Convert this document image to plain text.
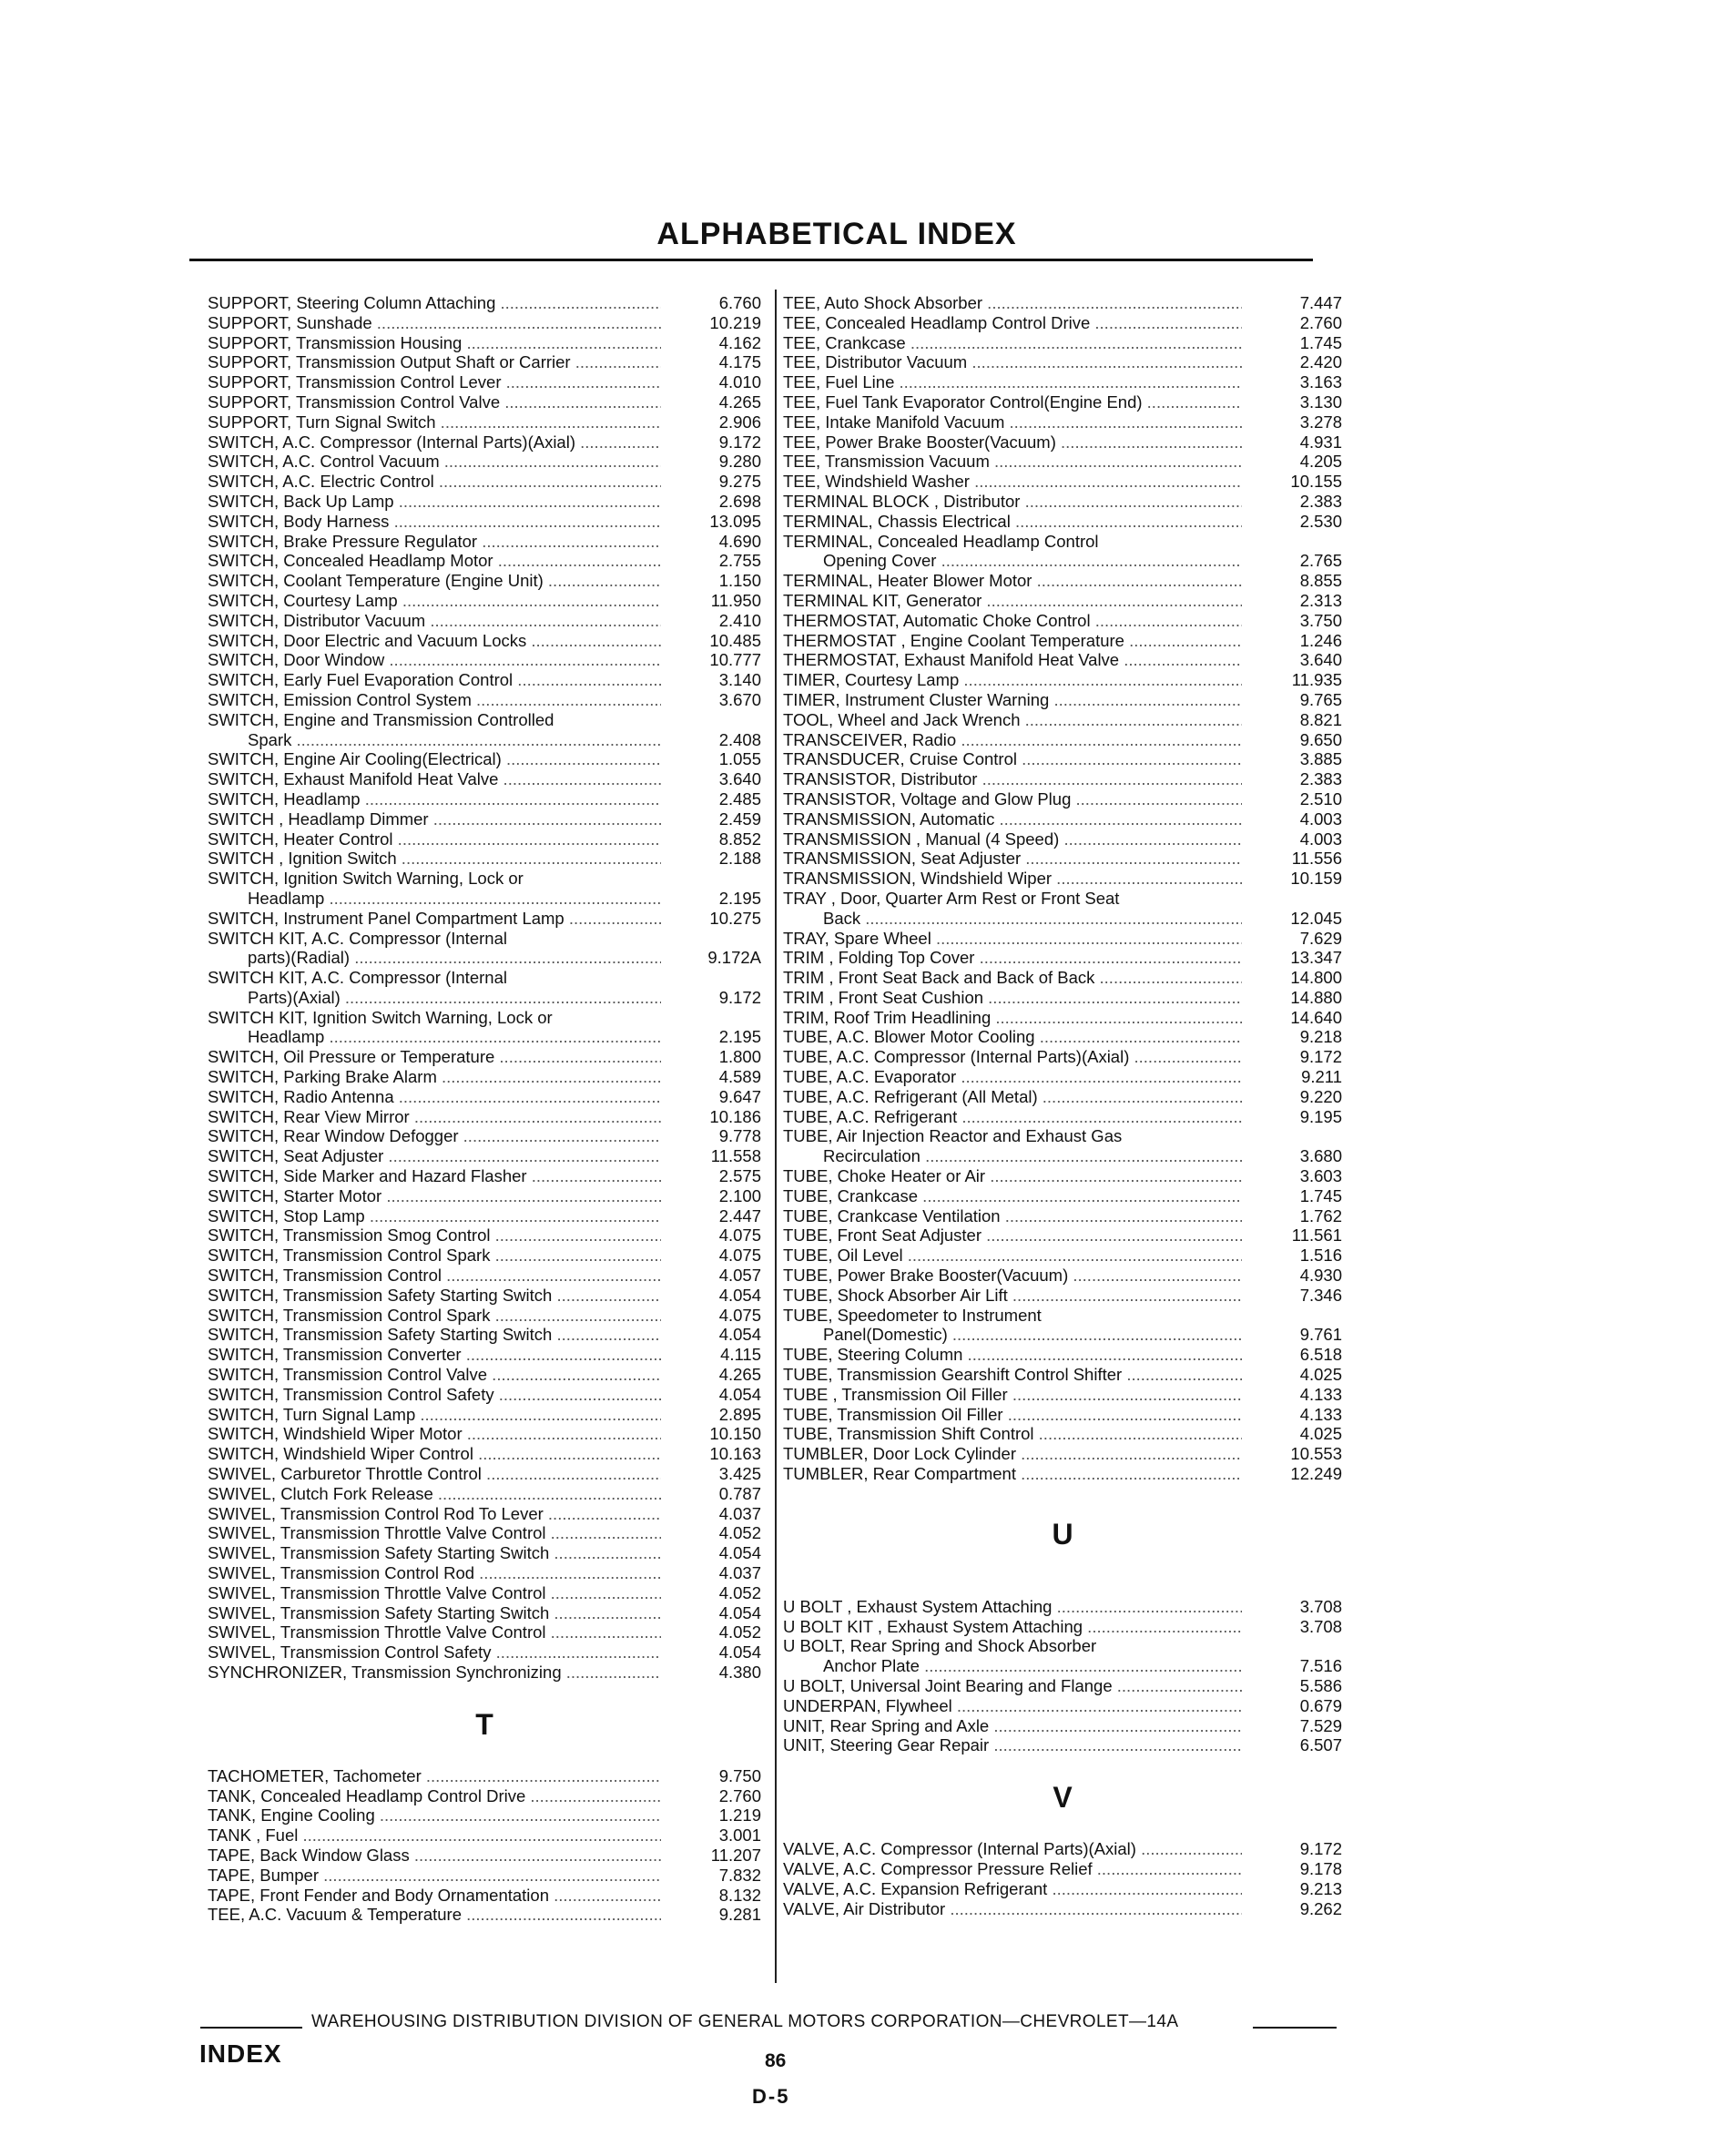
ALPHABETICAL INDEX
SUPPORT, Steering Column Attaching .....	6.760
SUPPORT, Sunshade .....	10.219
SUPPORT, Transmission Housing .....	4.162
SUPPORT, Transmission Output Shaft or Carrier .....	4.175
SUPPORT, Transmission Control Lever .....	4.010
SUPPORT, Transmission Control Valve .....	4.265
SUPPORT, Turn Signal Switch .....	2.906
SWITCH, A.C. Compressor (Internal Parts)(Axial) .....	9.172
SWITCH, A.C. Control Vacuum .....	9.280
SWITCH, A.C. Electric Control .....	9.275
SWITCH, Back Up Lamp .....	2.698
SWITCH, Body Harness .....	13.095
SWITCH, Brake Pressure Regulator .....	4.690
SWITCH, Concealed Headlamp Motor .....	2.755
SWITCH, Coolant Temperature (Engine Unit) .....	1.150
SWITCH, Courtesy Lamp .....	11.950
SWITCH, Distributor Vacuum .....	2.410
SWITCH, Door Electric and Vacuum Locks .....	10.485
SWITCH, Door Window .....	10.777
SWITCH, Early Fuel Evaporation Control .....	3.140
SWITCH, Emission Control System .....	3.670
SWITCH, Engine and Transmission Controlled
Spark .....	2.408
SWITCH, Engine Air Cooling(Electrical) .....	1.055
SWITCH, Exhaust Manifold Heat Valve .....	3.640
SWITCH, Headlamp .....	2.485
SWITCH , Headlamp Dimmer .....	2.459
SWITCH, Heater Control .....	8.852
SWITCH , Ignition Switch .....	2.188
SWITCH, Ignition Switch Warning, Lock or
Headlamp .....	2.195
SWITCH, Instrument Panel Compartment Lamp .....	10.275
SWITCH KIT, A.C. Compressor (Internal
parts)(Radial) .....	9.172A
SWITCH KIT, A.C. Compressor (Internal
Parts)(Axial) .....	9.172
SWITCH KIT, Ignition Switch Warning, Lock or
Headlamp .....	2.195
SWITCH, Oil Pressure or Temperature .....	1.800
SWITCH, Parking Brake Alarm .....	4.589
SWITCH, Radio Antenna .....	9.647
SWITCH, Rear View Mirror .....	10.186
SWITCH, Rear Window Defogger .....	9.778
SWITCH, Seat Adjuster .....	11.558
SWITCH, Side Marker and Hazard Flasher .....	2.575
SWITCH, Starter Motor .....	2.100
SWITCH, Stop Lamp .....	2.447
SWITCH, Transmission Smog Control .....	4.075
SWITCH, Transmission Control Spark .....	4.075
SWITCH, Transmission Control .....	4.057
SWITCH, Transmission Safety Starting Switch .....	4.054
SWITCH, Transmission Control Spark .....	4.075
SWITCH, Transmission Safety Starting Switch .....	4.054
SWITCH, Transmission Converter .....	4.115
SWITCH, Transmission Control Valve .....	4.265
SWITCH, Transmission Control Safety .....	4.054
SWITCH, Turn Signal Lamp .....	2.895
SWITCH, Windshield Wiper Motor .....	10.150
SWITCH, Windshield Wiper Control .....	10.163
SWIVEL, Carburetor Throttle Control .....	3.425
SWIVEL, Clutch Fork Release .....	0.787
SWIVEL, Transmission Control Rod To Lever .....	4.037
SWIVEL, Transmission Throttle Valve Control .....	4.052
SWIVEL, Transmission Safety Starting Switch .....	4.054
SWIVEL, Transmission Control Rod .....	4.037
SWIVEL, Transmission Throttle Valve Control .....	4.052
SWIVEL, Transmission Safety Starting Switch .....	4.054
SWIVEL, Transmission Throttle Valve Control .....	4.052
SWIVEL, Transmission Control Safety .....	4.054
SYNCHRONIZER, Transmission Synchronizing .....	4.380
T
TACHOMETER, Tachometer .....	9.750
TANK, Concealed Headlamp Control Drive .....	2.760
TANK, Engine Cooling .....	1.219
TANK , Fuel .....	3.001
TAPE, Back Window Glass .....	11.207
TAPE, Bumper .....	7.832
TAPE, Front Fender and Body Ornamentation .....	8.132
TEE, A.C. Vacuum & Temperature .....	9.281
TEE, Auto Shock Absorber .....	7.447
TEE, Concealed Headlamp Control Drive .....	2.760
TEE, Crankcase .....	1.745
TEE, Distributor Vacuum .....	2.420
TEE, Fuel Line .....	3.163
TEE, Fuel Tank Evaporator Control(Engine End) .....	3.130
TEE, Intake Manifold Vacuum .....	3.278
TEE, Power Brake Booster(Vacuum) .....	4.931
TEE, Transmission Vacuum .....	4.205
TEE, Windshield Washer .....	10.155
TERMINAL BLOCK , Distributor .....	2.383
TERMINAL, Chassis Electrical .....	2.530
TERMINAL, Concealed Headlamp Control
Opening Cover .....	2.765
TERMINAL, Heater Blower Motor .....	8.855
TERMINAL KIT, Generator .....	2.313
THERMOSTAT, Automatic Choke Control .....	3.750
THERMOSTAT , Engine Coolant Temperature .....	1.246
THERMOSTAT, Exhaust Manifold Heat Valve .....	3.640
TIMER, Courtesy Lamp .....	11.935
TIMER, Instrument Cluster Warning .....	9.765
TOOL, Wheel and Jack Wrench .....	8.821
TRANSCEIVER, Radio .....	9.650
TRANSDUCER, Cruise Control .....	3.885
TRANSISTOR, Distributor .....	2.383
TRANSISTOR, Voltage and Glow Plug .....	2.510
TRANSMISSION, Automatic .....	4.003
TRANSMISSION , Manual (4 Speed) .....	4.003
TRANSMISSION, Seat Adjuster .....	11.556
TRANSMISSION, Windshield Wiper .....	10.159
TRAY , Door, Quarter Arm Rest or Front Seat
Back .....	12.045
TRAY, Spare Wheel .....	7.629
TRIM , Folding Top Cover .....	13.347
TRIM , Front Seat Back and Back of Back .....	14.800
TRIM , Front Seat Cushion .....	14.880
TRIM, Roof Trim Headlining .....	14.640
TUBE, A.C. Blower Motor Cooling .....	9.218
TUBE, A.C. Compressor (Internal Parts)(Axial) .....	9.172
TUBE, A.C. Evaporator .....	9.211
TUBE, A.C. Refrigerant (All Metal) .....	9.220
TUBE, A.C. Refrigerant .....	9.195
TUBE, Air Injection Reactor and Exhaust Gas
Recirculation .....	3.680
TUBE, Choke Heater or Air .....	3.603
TUBE, Crankcase .....	1.745
TUBE, Crankcase Ventilation .....	1.762
TUBE, Front Seat Adjuster .....	11.561
TUBE, Oil Level .....	1.516
TUBE, Power Brake Booster(Vacuum) .....	4.930
TUBE, Shock Absorber Air Lift .....	7.346
TUBE, Speedometer to Instrument
Panel(Domestic) .....	9.761
TUBE, Steering Column .....	6.518
TUBE, Transmission Gearshift Control Shifter .....	4.025
TUBE , Transmission Oil Filler .....	4.133
TUBE, Transmission Oil Filler .....	4.133
TUBE, Transmission Shift Control .....	4.025
TUMBLER, Door Lock Cylinder .....	10.553
TUMBLER, Rear Compartment .....	12.249
U
U BOLT , Exhaust System Attaching .....	3.708
U BOLT KIT , Exhaust System Attaching .....	3.708
U BOLT, Rear Spring and Shock Absorber
Anchor Plate .....	7.516
U BOLT, Universal Joint Bearing and Flange .....	5.586
UNDERPAN, Flywheel .....	0.679
UNIT, Rear Spring and Axle .....	7.529
UNIT, Steering Gear Repair .....	6.507
V
VALVE, A.C. Compressor (Internal Parts)(Axial) .....	9.172
VALVE, A.C. Compressor Pressure Relief .....	9.178
VALVE, A.C. Expansion Refrigerant .....	9.213
VALVE, Air Distributor .....	9.262
WAREHOUSING DISTRIBUTION DIVISION OF GENERAL MOTORS CORPORATION—CHEVROLET—14A
INDEX	86
D-5
